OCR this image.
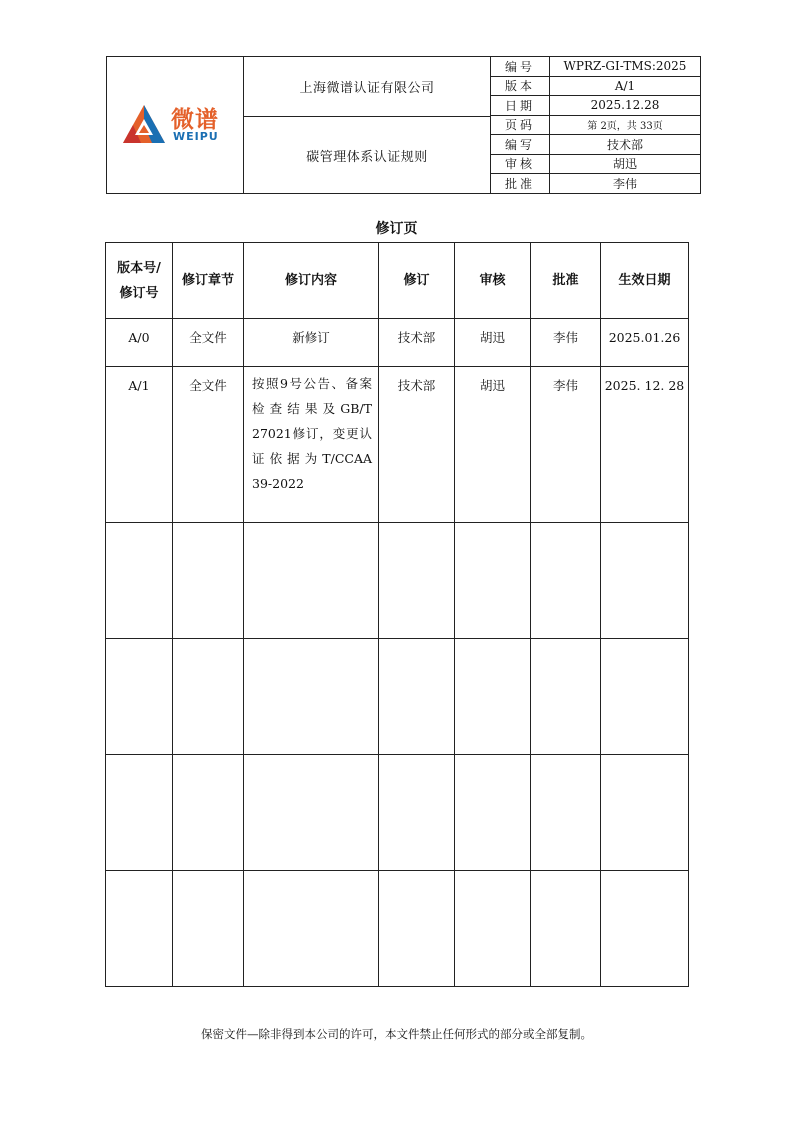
微谱
WEIPU
上海微谱认证有限公司
碳管理体系认证规则
编号	WPRZ-GI-TMS:2025
版本	A/1
日期	2025.12.28
页码	第 2页，共 33页
编写	技术部
审核	胡迅
批准	李伟
修订页
版本号/
修订号	修订章节	修订内容	修订	审核	批准	生效日期

A/0	全文件	新修订	技术部	胡迅	李伟	2025.01.26

A/1	全文件	按照9号公告、备案检查结果及GB/T 27021修订，变更认证依据为T/CCAA 39-2022	技术部	胡迅	李伟	2025. 12. 28

保密文件—除非得到本公司的许可，本文件禁止任何形式的部分或全部复制。
